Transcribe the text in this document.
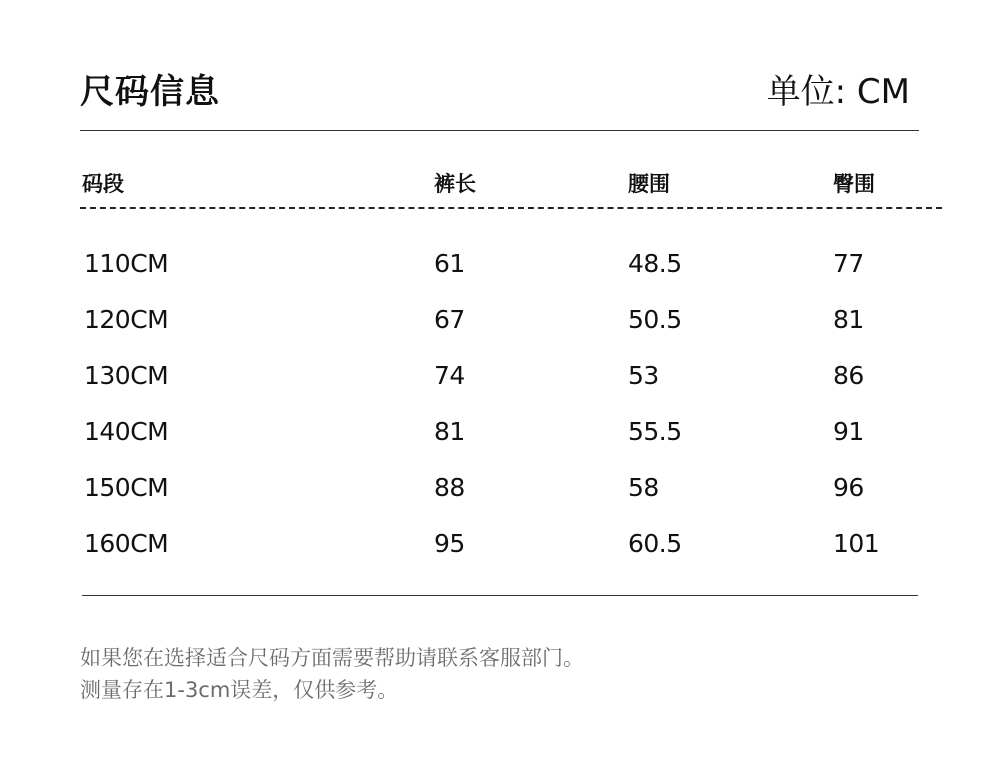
尺码信息	单位: CM
码段	裤长	腰围	臀围
110CM	61	48.5	77
120CM	67	50.5	81
130CM	74	53	86
140CM	81	55.5	91
150CM	88	58	96
160CM	95	60.5	101
如果您在选择适合尺码方面需要帮助请联系客服部门。
测量存在1-3cm误差，仅供参考。
